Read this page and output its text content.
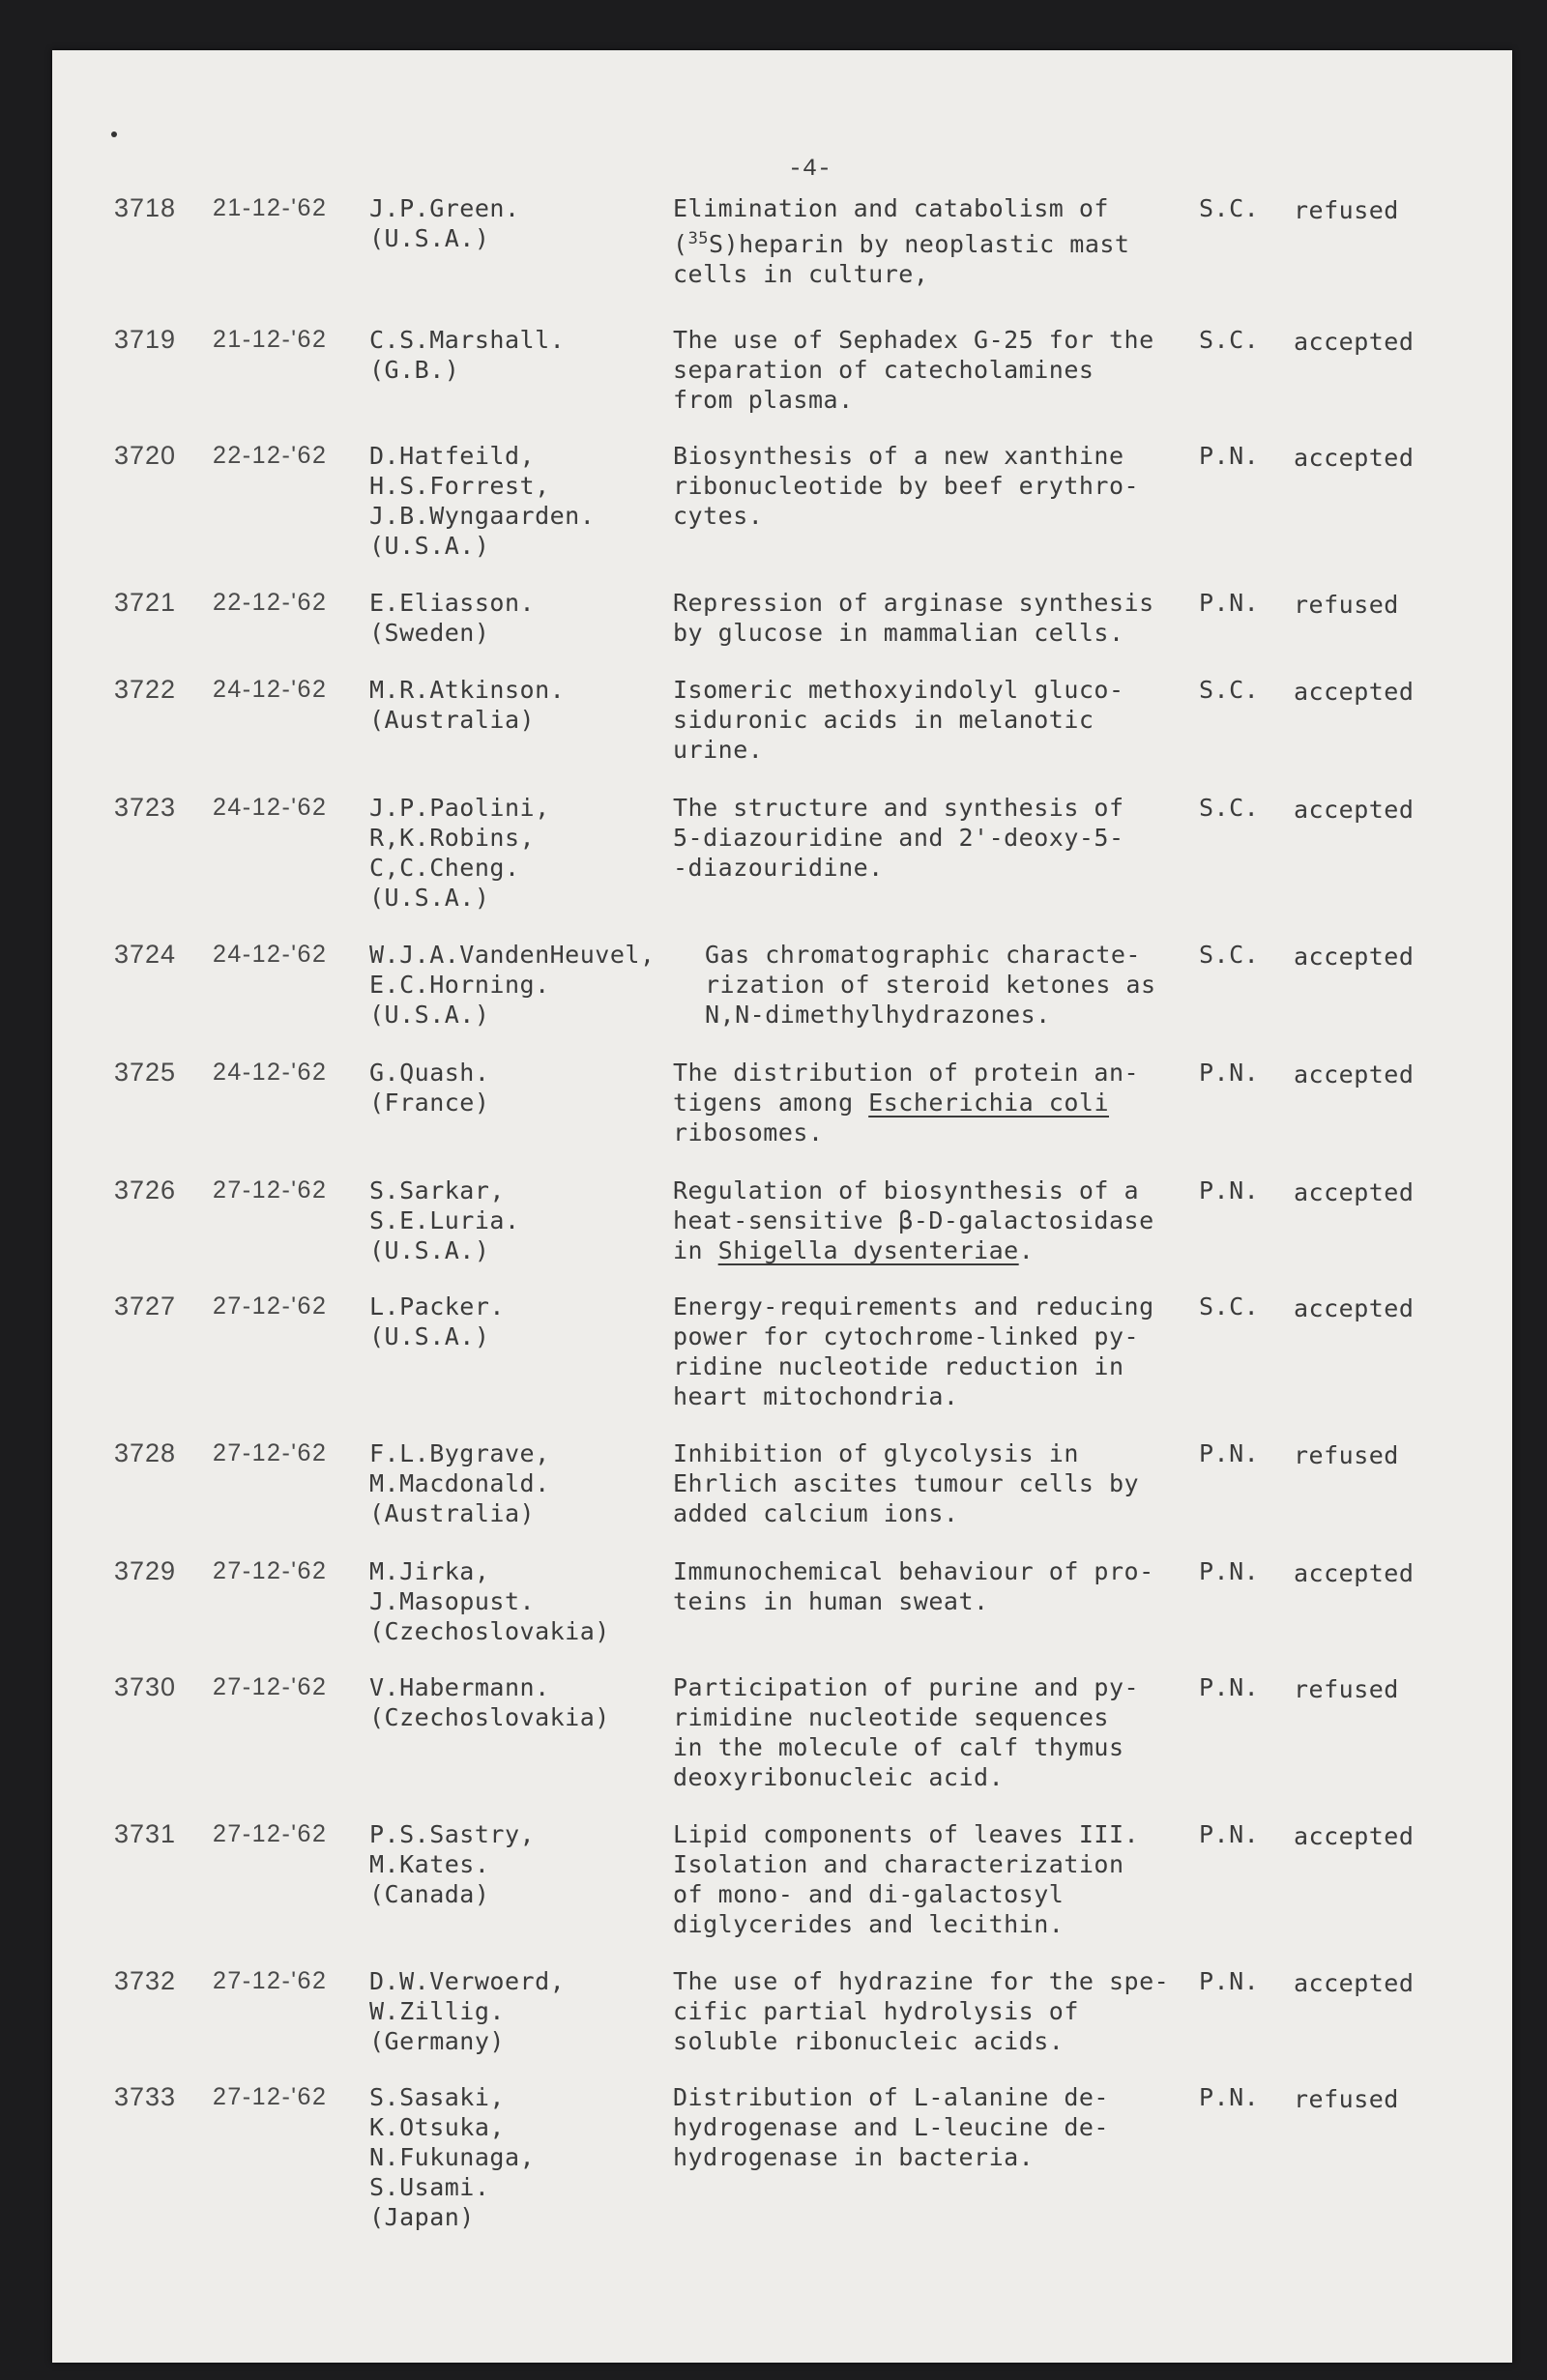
-4-
3718 21-12-'62 J.P.Green.
(U.S.A.)
Elimination and catabolism of
($^{35}$S)heparin by neoplastic mast
cells in culture,
S.C. refused
3719 21-12-'62 C.S.Marshall.
(G.B.)
The use of Sephadex G-25 for the
separation of catecholamines
from plasma.
S.C. accepted
3720 22-12-'62 D.Hatfeild,
H.S.Forrest,
J.B.Wyngaarden.
(U.S.A.)
Biosynthesis of a new xanthine
ribonucleotide by beef erythro-
cytes.
P.N. accepted
3721 22-12-'62 E.Eliasson.
(Sweden)
Repression of arginase synthesis
by glucose in mammalian cells.
P.N. refused
3722 24-12-'62 M.R.Atkinson.
(Australia)
Isomeric methoxyindolyl gluco-
siduronic acids in melanotic
urine.
S.C. accepted
3723 24-12-'62 J.P.Paolini,
R,K.Robins,
C,C.Cheng.
(U.S.A.)
The structure and synthesis of
5-diazouridine and 2'-deoxy-5-
-diazouridine.
S.C. accepted
3724 24-12-'62 W.J.A.VandenHeuvel,
E.C.Horning.
(U.S.A.)
Gas chromatographic characte-
rization of steroid ketones as
N,N-dimethylhydrazones.
S.C. accepted
3725 24-12-'62 G.Quash.
(France)
The distribution of protein an-
tigens among Escherichia coli
ribosomes.
P.N. accepted
3726 27-12-'62 S.Sarkar,
S.E.Luria.
(U.S.A.)
Regulation of biosynthesis of a
heat-sensitive β-D-galactosidase
in Shigella dysenteriae.
P.N. accepted
3727 27-12-'62 L.Packer.
(U.S.A.)
Energy-requirements and reducing
power for cytochrome-linked py-
ridine nucleotide reduction in
heart mitochondria.
S.C. accepted
3728 27-12-'62 F.L.Bygrave,
M.Macdonald.
(Australia)
Inhibition of glycolysis in
Ehrlich ascites tumour cells by
added calcium ions.
P.N. refused
3729 27-12-'62 M.Jirka,
J.Masopust.
(Czechoslovakia)
Immunochemical behaviour of pro-
teins in human sweat.
P.N. accepted
3730 27-12-'62 V.Habermann.
(Czechoslovakia)
Participation of purine and py-
rimidine nucleotide sequences
in the molecule of calf thymus
deoxyribonucleic acid.
P.N. refused
3731 27-12-'62 P.S.Sastry,
M.Kates.
(Canada)
Lipid components of leaves III.
Isolation and characterization
of mono- and di-galactosyl
diglycerides and lecithin.
P.N. accepted
3732 27-12-'62 D.W.Verwoerd,
W.Zillig.
(Germany)
The use of hydrazine for the spe-
cific partial hydrolysis of
soluble ribonucleic acids.
P.N. accepted
3733 27-12-'62 S.Sasaki,
K.Otsuka,
N.Fukunaga,
S.Usami.
(Japan)
Distribution of L-alanine de-
hydrogenase and L-leucine de-
hydrogenase in bacteria.
P.N. refused
